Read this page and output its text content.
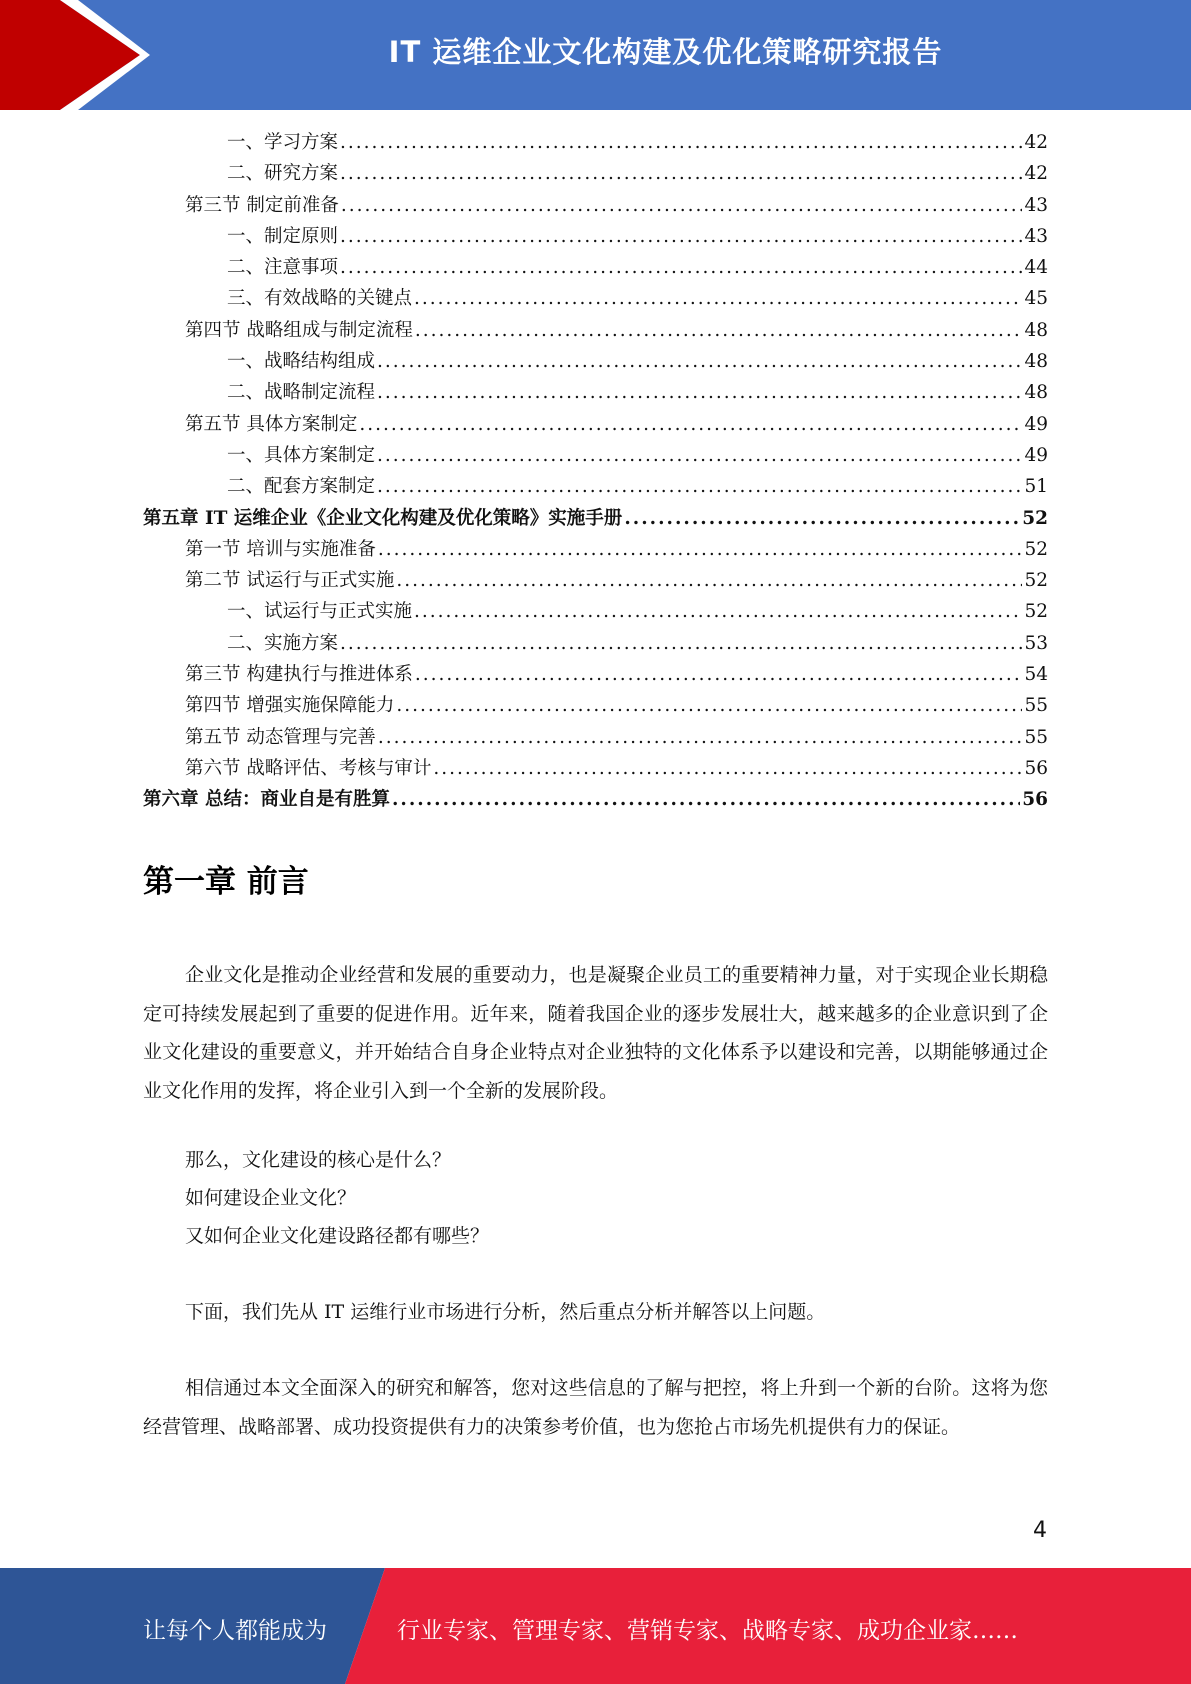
IT 运维企业文化构建及优化策略研究报告
一、学习方案 .....	42
二、研究方案 .....	42
第三节 制定前准备 .....	43
一、制定原则 .....	43
二、注意事项 .....	44
三、有效战略的关键点 .....	45
第四节 战略组成与制定流程 .....	48
一、战略结构组成 .....	48
二、战略制定流程 .....	48
第五节 具体方案制定 .....	49
一、具体方案制定 .....	49
二、配套方案制定 .....	51
第五章 IT 运维企业《企业文化构建及优化策略》实施手册 .....	52
第一节 培训与实施准备 .....	52
第二节 试运行与正式实施 .....	52
一、试运行与正式实施 .....	52
二、实施方案 .....	53
第三节 构建执行与推进体系 .....	54
第四节 增强实施保障能力 .....	55
第五节 动态管理与完善 .....	55
第六节 战略评估、考核与审计 .....	56
第六章 总结：商业自是有胜算 .....	56
第一章 前言

企业文化是推动企业经营和发展的重要动力，也是凝聚企业员工的重要精神力量，对于实现企业长期稳定可持续发展起到了重要的促进作用。近年来，随着我国企业的逐步发展壮大，越来越多的企业意识到了企业文化建设的重要意义，并开始结合自身企业特点对企业独特的文化体系予以建设和完善，以期能够通过企业文化作用的发挥，将企业引入到一个全新的发展阶段。

那么，文化建设的核心是什么？

如何建设企业文化？

又如何企业文化建设路径都有哪些？

下面，我们先从 IT 运维行业市场进行分析，然后重点分析并解答以上问题。

相信通过本文全面深入的研究和解答，您对这些信息的了解与把控，将上升到一个新的台阶。这将为您经营管理、战略部署、成功投资提供有力的决策参考价值，也为您抢占市场先机提供有力的保证。

4
让每个人都能成为	行业专家、管理专家、营销专家、战略专家、成功企业家……
